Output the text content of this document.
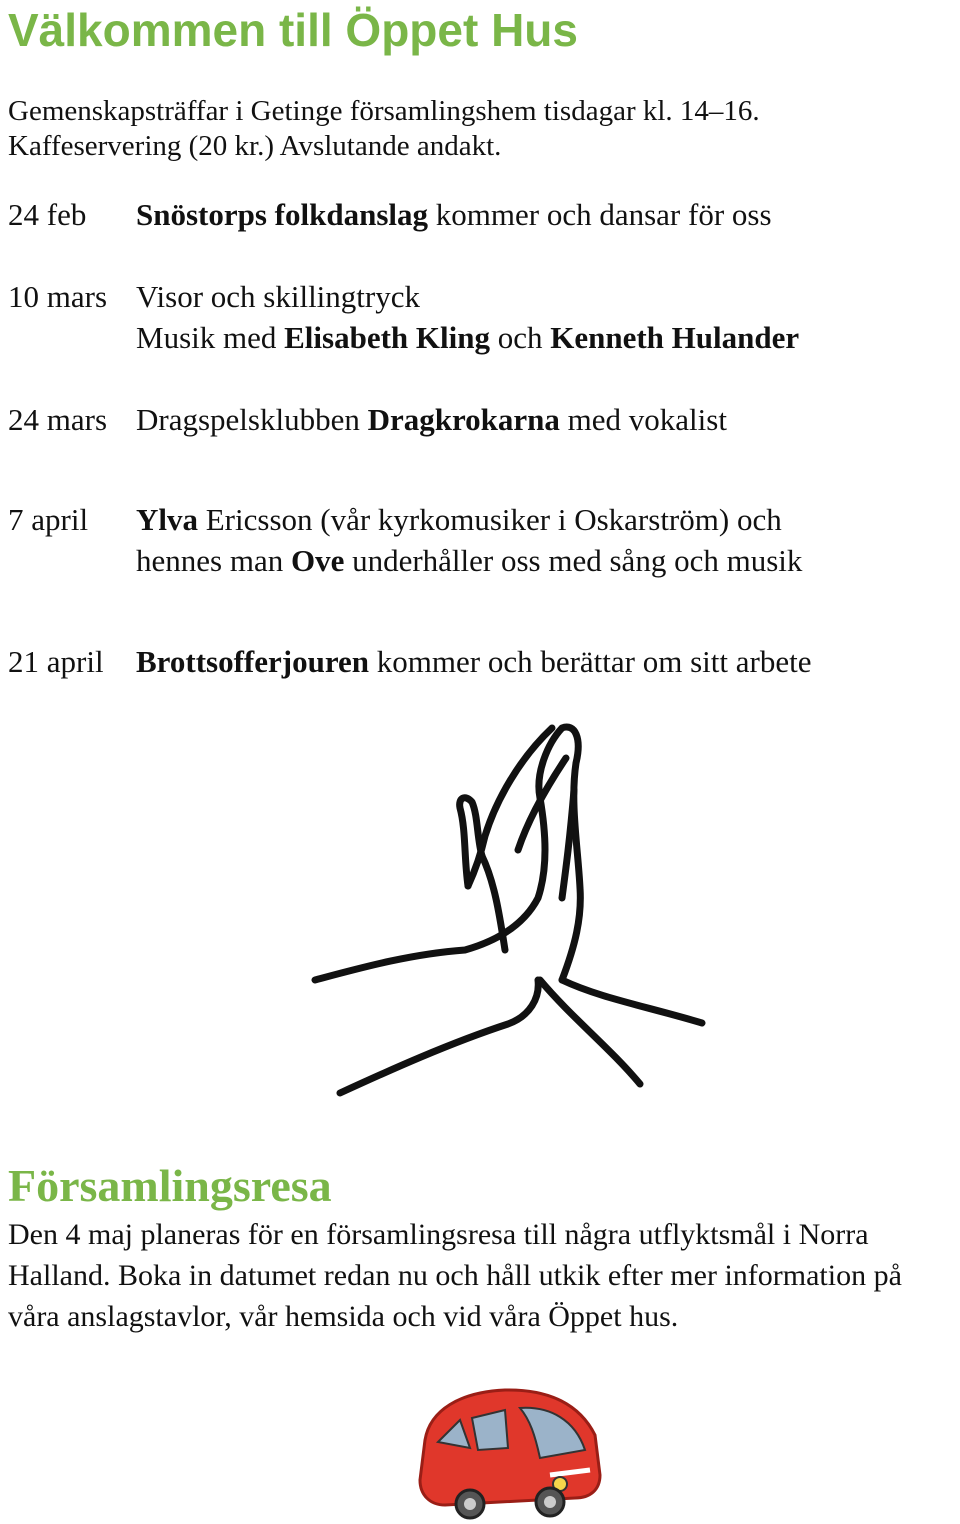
Välkommen till Öppet Hus
Gemenskapsträffar i Getinge församlingshem tisdagar kl. 14–16.
Kaffeservering (20 kr.) Avslutande andakt.
24 feb Snöstorps folkdanslag kommer och dansar för oss
10 mars Visor och skillingtryck
Musik med Elisabeth Kling och Kenneth Hulander
24 mars Dragspelsklubben Dragkrokarna med vokalist
7 april Ylva Ericsson (vår kyrkomusiker i Oskarström) och
hennes man Ove underhåller oss med sång och musik
21 april Brottsofferjouren kommer och berättar om sitt arbete
Församlingsresa
Den 4 maj planeras för en församlingsresa till några utflyktsmål i Norra Halland. Boka in datumet redan nu och håll utkik efter mer information på våra anslagstavlor, vår hemsida och vid våra Öppet hus.
